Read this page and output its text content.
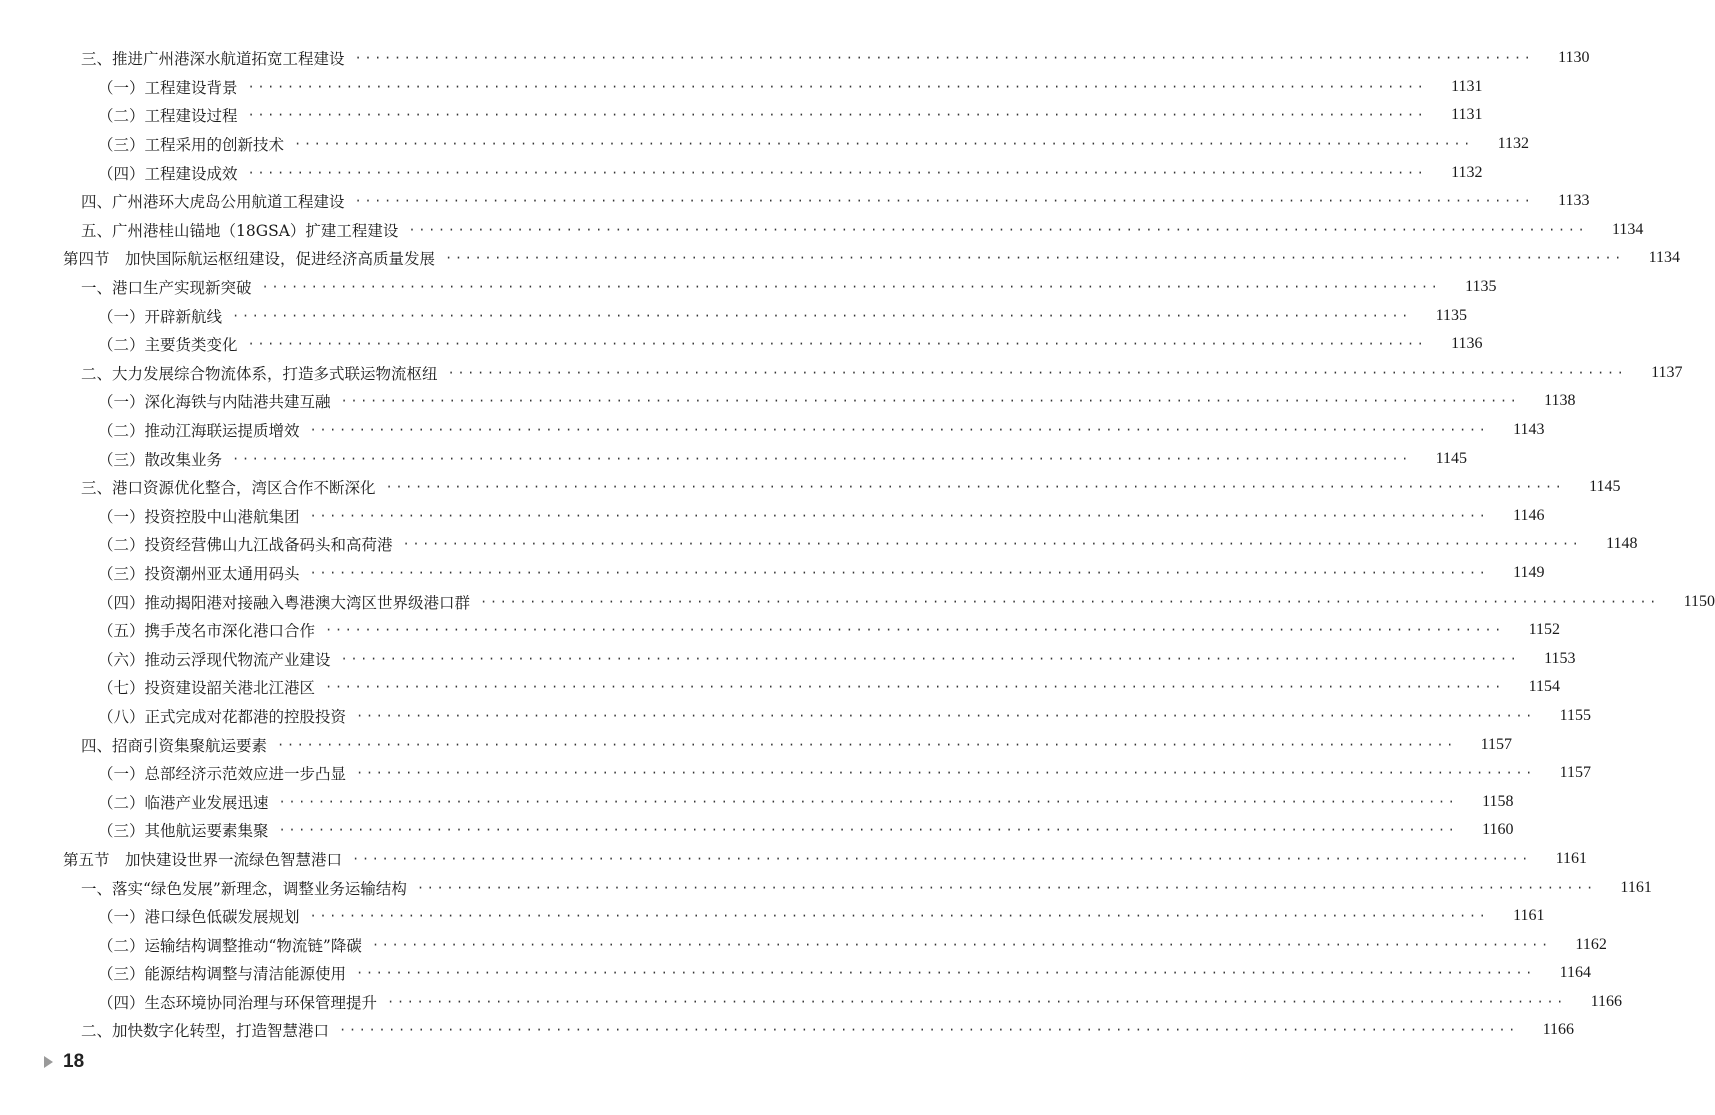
三、推进广州港深水航道拓宽工程建设 ························································································································	1130
（一）工程建设背景 ························································································································	1131
（二）工程建设过程 ························································································································	1131
（三）工程采用的创新技术 ························································································································	1132
（四）工程建设成效 ························································································································	1132
四、广州港环大虎岛公用航道工程建设 ························································································································	1133
五、广州港桂山锚地（18GSA）扩建工程建设 ························································································································	1134
第四节　加快国际航运枢纽建设，促进经济高质量发展 ························································································································	1134
一、港口生产实现新突破 ························································································································	1135
（一）开辟新航线 ························································································································	1135
（二）主要货类变化 ························································································································	1136
二、大力发展综合物流体系，打造多式联运物流枢纽 ························································································································	1137
（一）深化海铁与内陆港共建互融 ························································································································	1138
（二）推动江海联运提质增效 ························································································································	1143
（三）散改集业务 ························································································································	1145
三、港口资源优化整合，湾区合作不断深化 ························································································································	1145
（一）投资控股中山港航集团 ························································································································	1146
（二）投资经营佛山九江战备码头和高荷港 ························································································································	1148
（三）投资潮州亚太通用码头 ························································································································	1149
（四）推动揭阳港对接融入粤港澳大湾区世界级港口群 ························································································································	1150
（五）携手茂名市深化港口合作 ························································································································	1152
（六）推动云浮现代物流产业建设 ························································································································	1153
（七）投资建设韶关港北江港区 ························································································································	1154
（八）正式完成对花都港的控股投资 ························································································································	1155
四、招商引资集聚航运要素 ························································································································	1157
（一）总部经济示范效应进一步凸显 ························································································································	1157
（二）临港产业发展迅速 ························································································································	1158
（三）其他航运要素集聚 ························································································································	1160
第五节　加快建设世界一流绿色智慧港口 ························································································································	1161
一、落实“绿色发展”新理念，调整业务运输结构 ························································································································	1161
（一）港口绿色低碳发展规划 ························································································································	1161
（二）运输结构调整推动“物流链”降碳 ························································································································	1162
（三）能源结构调整与清洁能源使用 ························································································································	1164
（四）生态环境协同治理与环保管理提升 ························································································································	1166
二、加快数字化转型，打造智慧港口 ························································································································	1166
18
